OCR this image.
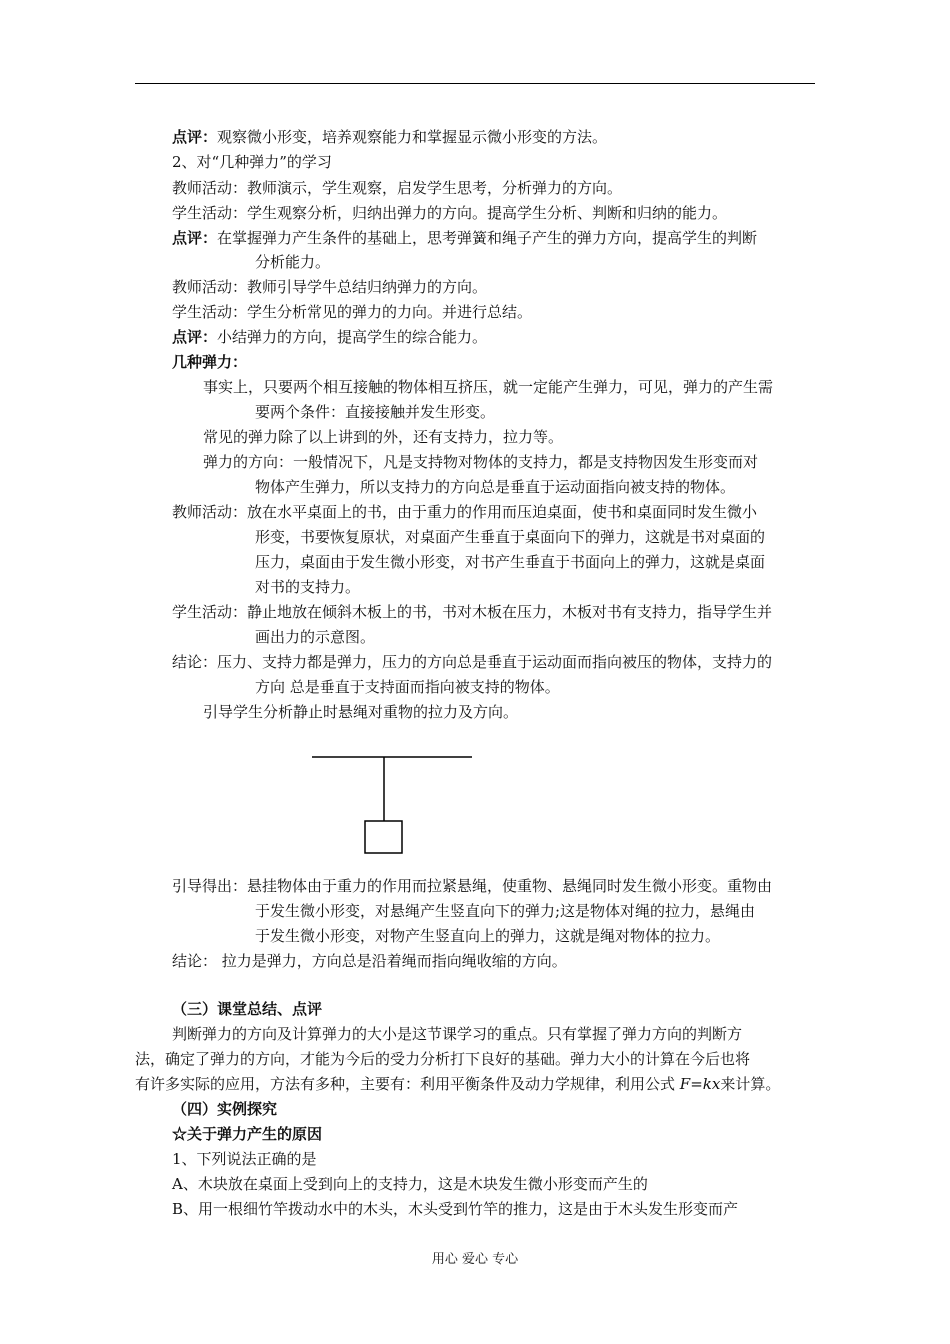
点评：观察微小形变，培养观察能力和掌握显示微小形变的方法。
2、对“几种弹力”的学习
教师活动：教师演示，学生观察，启发学生思考，分析弹力的方向。
学生活动：学生观察分析，归纳出弹力的方向。提高学生分析、判断和归纳的能力。
点评：在掌握弹力产生条件的基础上，思考弹簧和绳子产生的弹力方向，提高学生的判断
分析能力。
教师活动：教师引导学牛总结归纳弹力的方向。
学生活动：学生分析常见的弹力的力向。并进行总结。
点评：小结弹力的方向，提高学生的综合能力。
几种弹力：
事实上，只要两个相互接触的物体相互挤压，就一定能产生弹力，可见，弹力的产生需
要两个条件：直接接触并发生形变。
常见的弹力除了以上讲到的外，还有支持力，拉力等。
弹力的方向：一般情况下，凡是支持物对物体的支持力，都是支持物因发生形变而对
物体产生弹力，所以支持力的方向总是垂直于运动面指向被支持的物体。
教师活动：放在水平桌面上的书，由于重力的作用而压迫桌面，使书和桌面同时发生微小
形变，书要恢复原状，对桌面产生垂直于桌面向下的弹力，这就是书对桌面的
压力，桌面由于发生微小形变，对书产生垂直于书面向上的弹力，这就是桌面
对书的支持力。
学生活动：静止地放在倾斜木板上的书，书对木板在压力，木板对书有支持力，指导学生并
画出力的示意图。
结论：压力、支持力都是弹力，压力的方向总是垂直于运动面而指向被压的物体，支持力的
方向 总是垂直于支持面而指向被支持的物体。
引导学生分析静止时悬绳对重物的拉力及方向。
引导得出：悬挂物体由于重力的作用而拉紧悬绳，使重物、悬绳同时发生微小形变。重物由
于发生微小形变，对悬绳产生竖直向下的弹力;这是物体对绳的拉力，悬绳由
于发生微小形变，对物产生竖直向上的弹力，这就是绳对物体的拉力。
结论： 拉力是弹力，方向总是沿着绳而指向绳收缩的方向。
（三）课堂总结、点评
判断弹力的方向及计算弹力的大小是这节课学习的重点。只有掌握了弹力方向的判断方
法，确定了弹力的方向，才能为今后的受力分析打下良好的基础。弹力大小的计算在今后也将
有许多实际的应用，方法有多种，主要有：利用平衡条件及动力学规律，利用公式 F=kx来计算。
（四）实例探究
☆关于弹力产生的原因
1、下列说法正确的是
A、木块放在桌面上受到向上的支持力，这是木块发生微小形变而产生的
B、用一根细竹竿拨动水中的木头，木头受到竹竿的推力，这是由于木头发生形变而产
用心 爱心 专心
